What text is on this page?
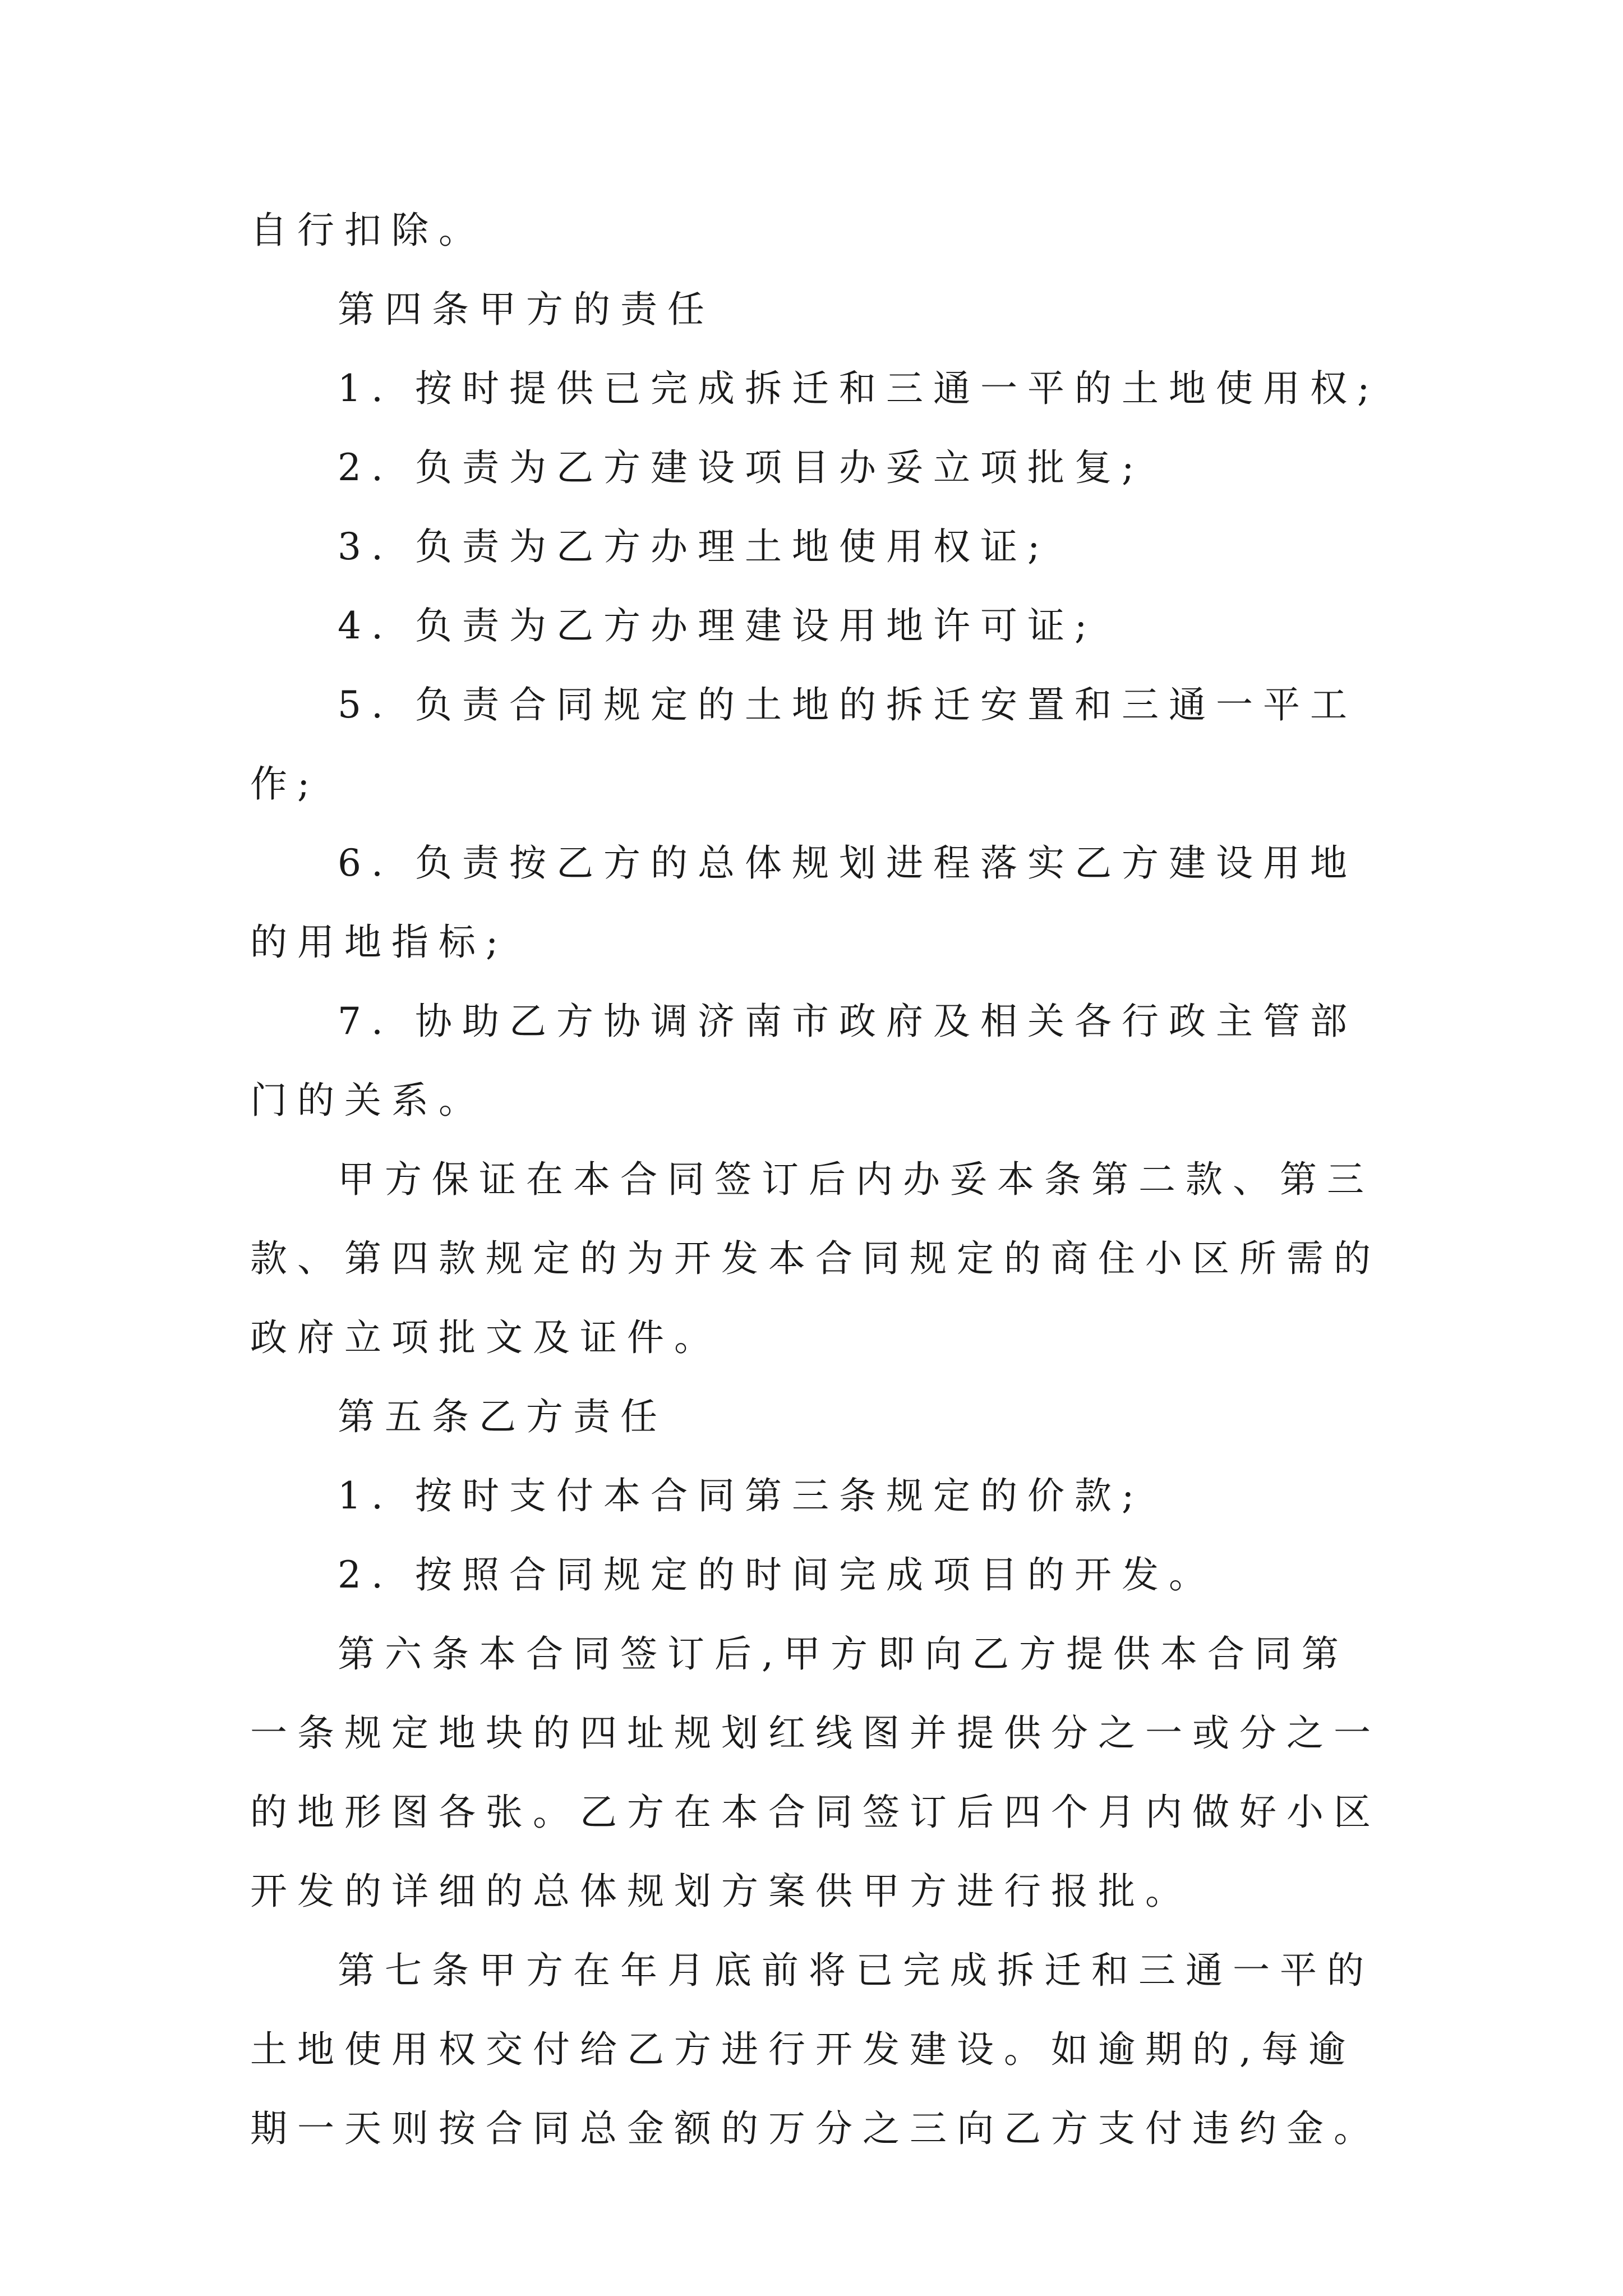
自行扣除。

第四条甲方的责任

1. 按时提供已完成拆迁和三通一平的土地使用权;

2. 负责为乙方建设项目办妥立项批复;

3. 负责为乙方办理土地使用权证;

4. 负责为乙方办理建设用地许可证;

5. 负责合同规定的土地的拆迁安置和三通一平工作;

6. 负责按乙方的总体规划进程落实乙方建设用地的用地指标;

7. 协助乙方协调济南市政府及相关各行政主管部门的关系。

甲方保证在本合同签订后内办妥本条第二款、第三款、第四款规定的为开发本合同规定的商住小区所需的政府立项批文及证件。

第五条乙方责任

1. 按时支付本合同第三条规定的价款;

2. 按照合同规定的时间完成项目的开发。

第六条本合同签订后,甲方即向乙方提供本合同第一条规定地块的四址规划红线图并提供分之一或分之一的地形图各张。乙方在本合同签订后四个月内做好小区开发的详细的总体规划方案供甲方进行报批。

第七条甲方在年月底前将已完成拆迁和三通一平的土地使用权交付给乙方进行开发建设。如逾期的,每逾期一天则按合同总金额的万分之三向乙方支付违约金。
